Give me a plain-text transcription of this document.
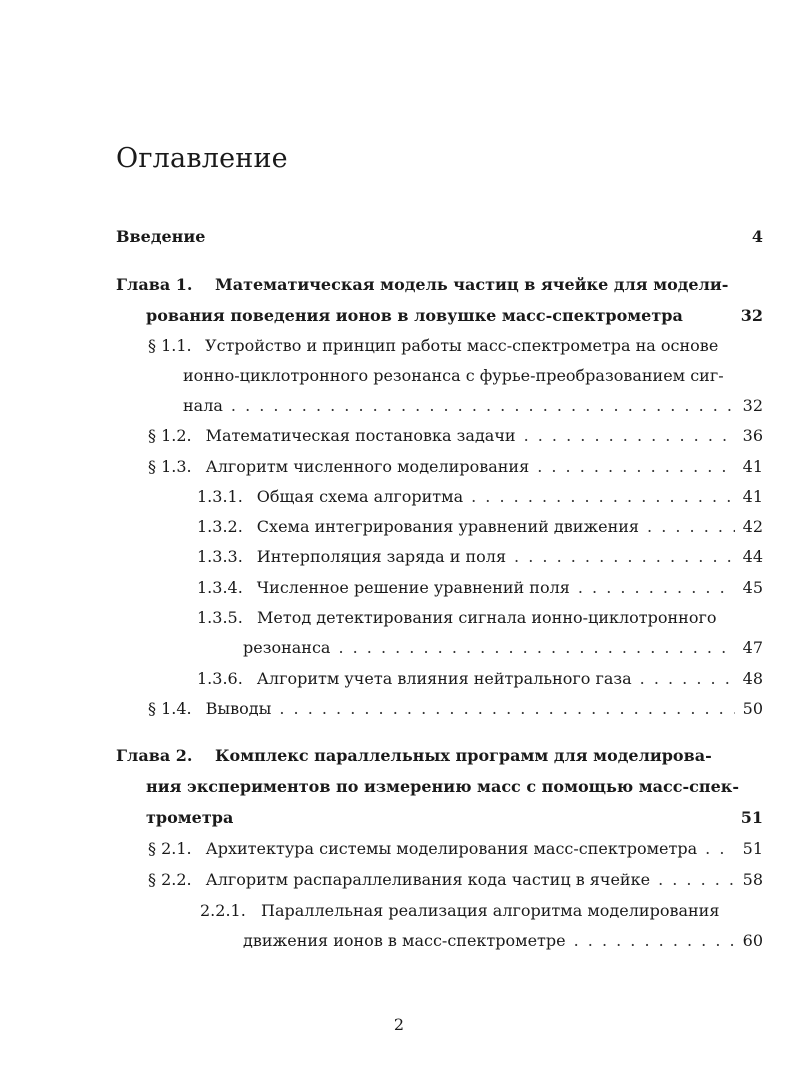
Оглавление
Введение	4
Глава 1. Математическая модель частиц в ячейке для модели-
рования поведения ионов в ловушке масс-спектрометра	32
§ 1.1. Устройство и принцип работы масс-спектрометра на основе
ионно-циклотронного резонанса с фурье-преобразованием сиг-
нала . . .	32
§ 1.2. Математическая постановка задачи . . .	36
§ 1.3. Алгоритм численного моделирования . . .	41
1.3.1. Общая схема алгоритма . . .	41
1.3.2. Схема интегрирования уравнений движения . . .	42
1.3.3. Интерполяция заряда и поля . . .	44
1.3.4. Численное решение уравнений поля . . .	45
1.3.5. Метод детектирования сигнала ионно-циклотронного
резонанса . . .	47
1.3.6. Алгоритм учета влияния нейтрального газа . . .	48
§ 1.4. Выводы . . .	50
Глава 2. Комплекс параллельных программ для моделирова-
ния экспериментов по измерению масс с помощью масс-спек-
трометра	51
§ 2.1. Архитектура системы моделирования масс-спектрометра . . .	51
§ 2.2. Алгоритм распараллеливания кода частиц в ячейке . . .	58
2.2.1. Параллельная реализация алгоритма моделирования
движения ионов в масс-спектрометре . . .	60
2
